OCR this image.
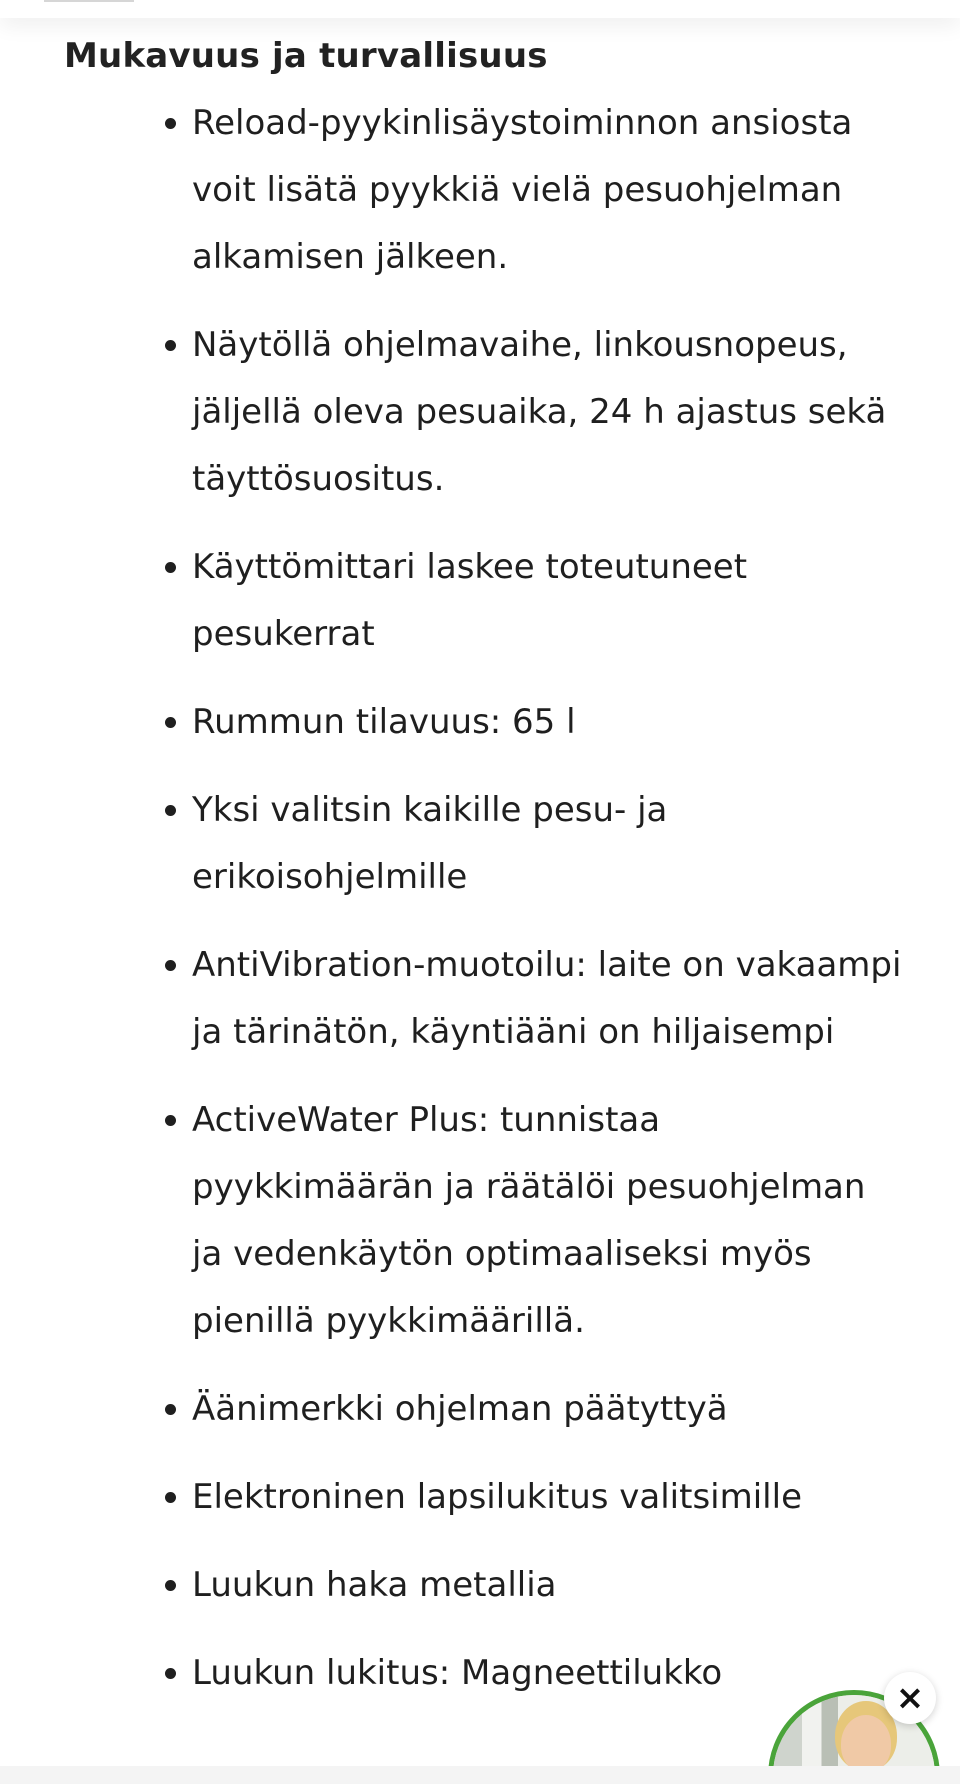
Mukavuus ja turvallisuus
Reload-pyykinlisäystoiminnon ansiosta voit lisätä pyykkiä vielä pesuohjelman alkamisen jälkeen.
Näytöllä ohjelmavaihe, linkousnopeus, jäljellä oleva pesuaika, 24 h ajastus sekä täyttösuositus.
Käyttömittari laskee toteutuneet pesukerrat
Rummun tilavuus: 65 l
Yksi valitsin kaikille pesu- ja erikoisohjelmille
AntiVibration-muotoilu: laite on vakaampi ja tärinätön, käyntiääni on hiljaisempi
ActiveWater Plus: tunnistaa pyykkimäärän ja räätälöi pesuohjelman ja vedenkäytön optimaaliseksi myös pienillä pyykkimäärillä.
Äänimerkki ohjelman päätyttyä
Elektroninen lapsilukitus valitsimille
Luukun haka metallia
Luukun lukitus: Magneettilukko
×
